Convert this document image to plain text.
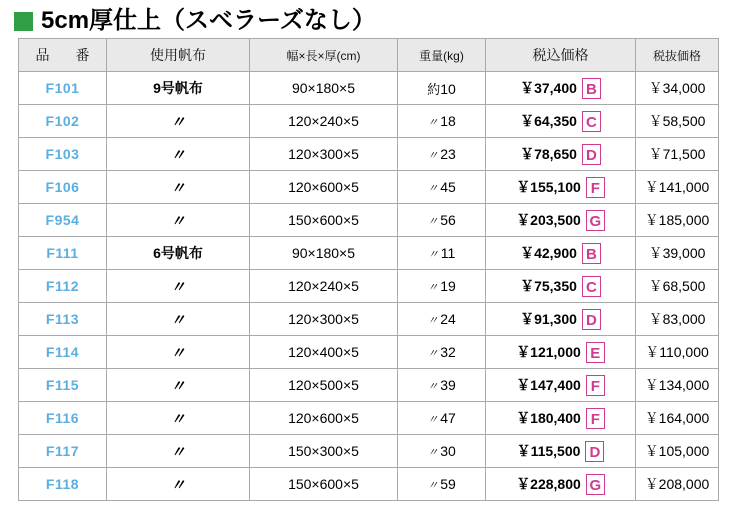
5cm厚仕上（スベラーズなし）
品　番	使用帆布	幅×長×厚(cm)	重量(kg)	税込価格	税抜価格
F101	9号帆布	90×180×5	約10	￥37,400 B	￥34,000
F102	〃	120×240×5	〃 18	￥64,350 C	￥58,500
F103	〃	120×300×5	〃 23	￥78,650 D	￥71,500
F106	〃	120×600×5	〃 45	￥155,100 F	￥141,000
F954	〃	150×600×5	〃 56	￥203,500 G	￥185,000
F111	6号帆布	90×180×5	〃 11	￥42,900 B	￥39,000
F112	〃	120×240×5	〃 19	￥75,350 C	￥68,500
F113	〃	120×300×5	〃 24	￥91,300 D	￥83,000
F114	〃	120×400×5	〃 32	￥121,000 E	￥110,000
F115	〃	120×500×5	〃 39	￥147,400 F	￥134,000
F116	〃	120×600×5	〃 47	￥180,400 F	￥164,000
F117	〃	150×300×5	〃 30	￥115,500 D	￥105,000
F118	〃	150×600×5	〃 59	￥228,800 G	￥208,000
